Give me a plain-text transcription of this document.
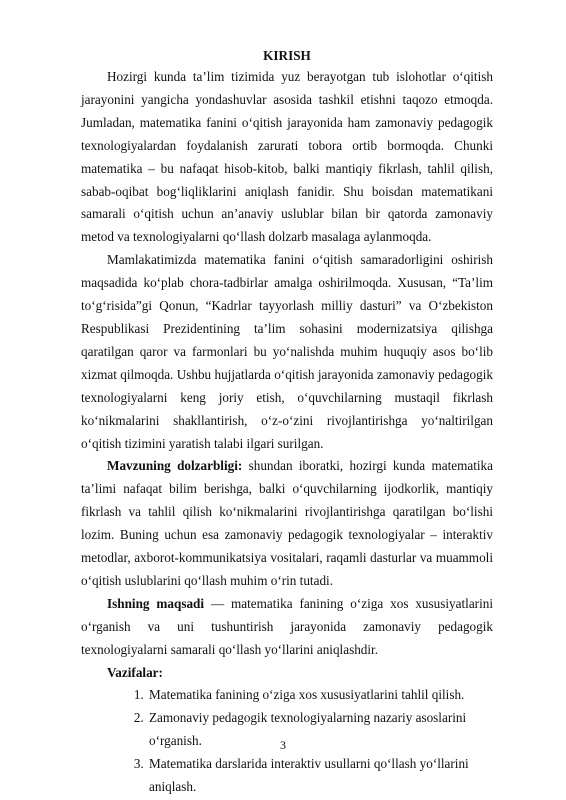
KIRISH

Hozirgi kunda ta’lim tizimida yuz berayotgan tub islohotlar o‘qitish jarayonini yangicha yondashuvlar asosida tashkil etishni taqozo etmoqda. Jumladan, matematika fanini o‘qitish jarayonida ham zamonaviy pedagogik texnologiyalardan foydalanish zarurati tobora ortib bormoqda. Chunki matematika – bu nafaqat hisob-kitob, balki mantiqiy fikrlash, tahlil qilish, sabab-oqibat bog‘liqliklarini aniqlash fanidir. Shu boisdan matematikani samarali o‘qitish uchun an’anaviy uslublar bilan bir qatorda zamonaviy metod va texnologiyalarni qo‘llash dolzarb masalaga aylanmoqda.

Mamlakatimizda matematika fanini o‘qitish samaradorligini oshirish maqsadida ko‘plab chora-tadbirlar amalga oshirilmoqda. Xususan, “Ta’lim to‘g‘risida”gi Qonun, “Kadrlar tayyorlash milliy dasturi” va O‘zbekiston Respublikasi Prezidentining ta’lim sohasini modernizatsiya qilishga qaratilgan qaror va farmonlari bu yo‘nalishda muhim huquqiy asos bo‘lib xizmat qilmoqda. Ushbu hujjatlarda o‘qitish jarayonida zamonaviy pedagogik texnologiyalarni keng joriy etish, o‘quvchilarning mustaqil fikrlash ko‘nikmalarini shakllantirish, o‘z-o‘zini rivojlantirishga yo‘naltirilgan o‘qitish tizimini yaratish talabi ilgari surilgan.

Mavzuning dolzarbligi: shundan iboratki, hozirgi kunda matematika ta’limi nafaqat bilim berishga, balki o‘quvchilarning ijodkorlik, mantiqiy fikrlash va tahlil qilish ko‘nikmalarini rivojlantirishga qaratilgan bo‘lishi lozim. Buning uchun esa zamonaviy pedagogik texnologiyalar – interaktiv metodlar, axborot-kommunikatsiya vositalari, raqamli dasturlar va muammoli o‘qitish uslublarini qo‘llash muhim o‘rin tutadi.

Ishning maqsadi — matematika fanining o‘ziga xos xususiyatlarini o‘rganish va uni tushuntirish jarayonida zamonaviy pedagogik texnologiyalarni samarali qo‘llash yo‘llarini aniqlashdir.

Vazifalar:

1. Matematika fanining o‘ziga xos xususiyatlarini tahlil qilish.
2. Zamonaviy pedagogik texnologiyalarning nazariy asoslarini o‘rganish.
3. Matematika darslarida interaktiv usullarni qo‘llash yo‘llarini aniqlash.
3
